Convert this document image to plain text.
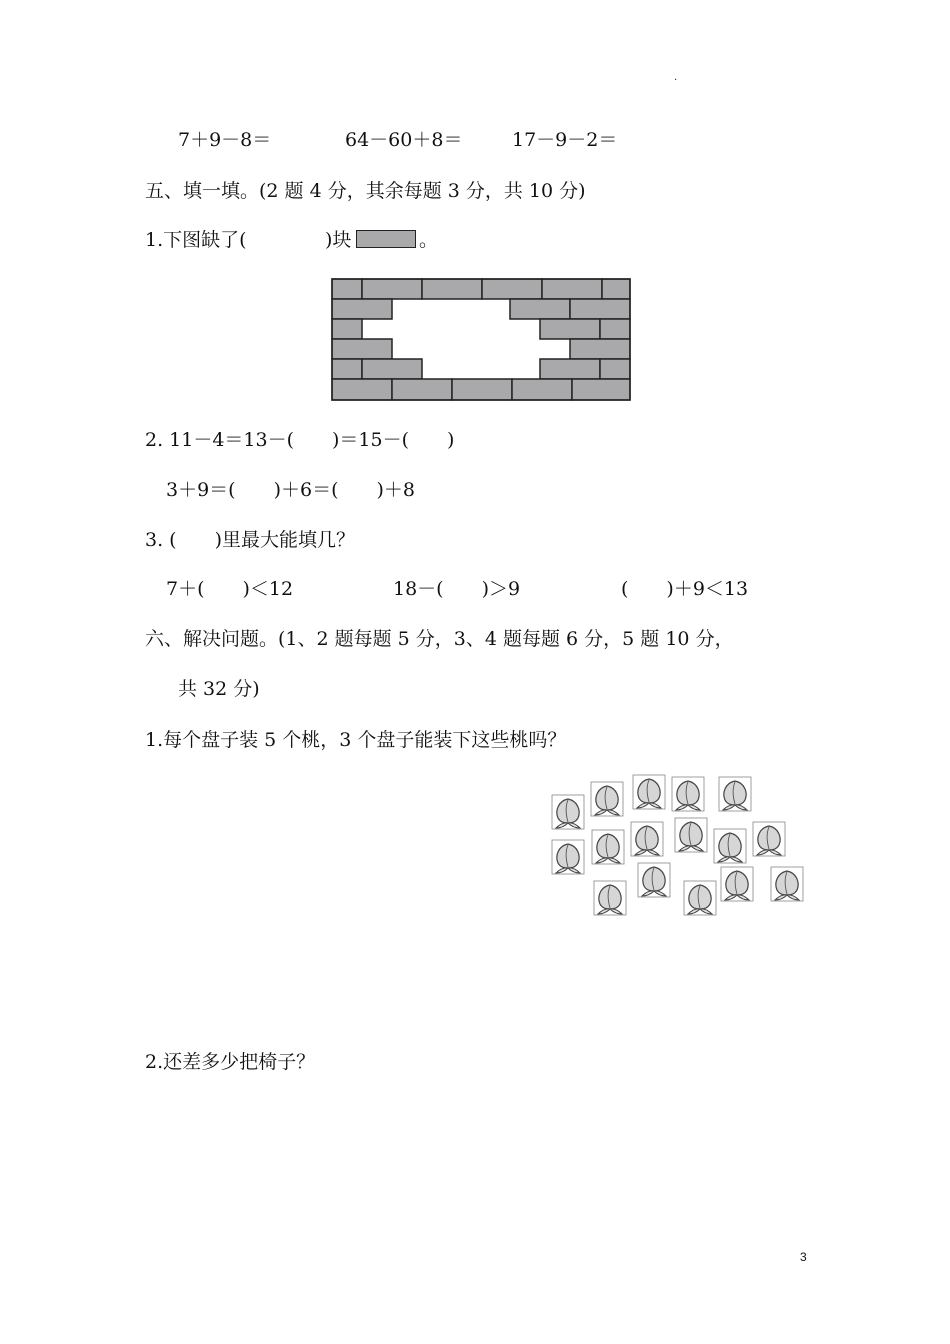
.
7＋9－8＝	64－60＋8＝	17－9－2＝
五、填一填。(2 题 4 分，其余每题 3 分，共 10 分)
1.下图缺了(	)块	。
2. 11－4＝13－(　　)＝15－(　　)
3＋9＝(　　)＋6＝(　　)＋8
3. (　　)里最大能填几？
7＋(　　)＜12	18－(　　)＞9	(　　)＋9＜13
六、解决问题。(1、2 题每题 5 分，3、4 题每题 6 分，5 题 10 分，
共 32 分)
1.每个盘子装 5 个桃，3 个盘子能装下这些桃吗？
2.还差多少把椅子？
3
